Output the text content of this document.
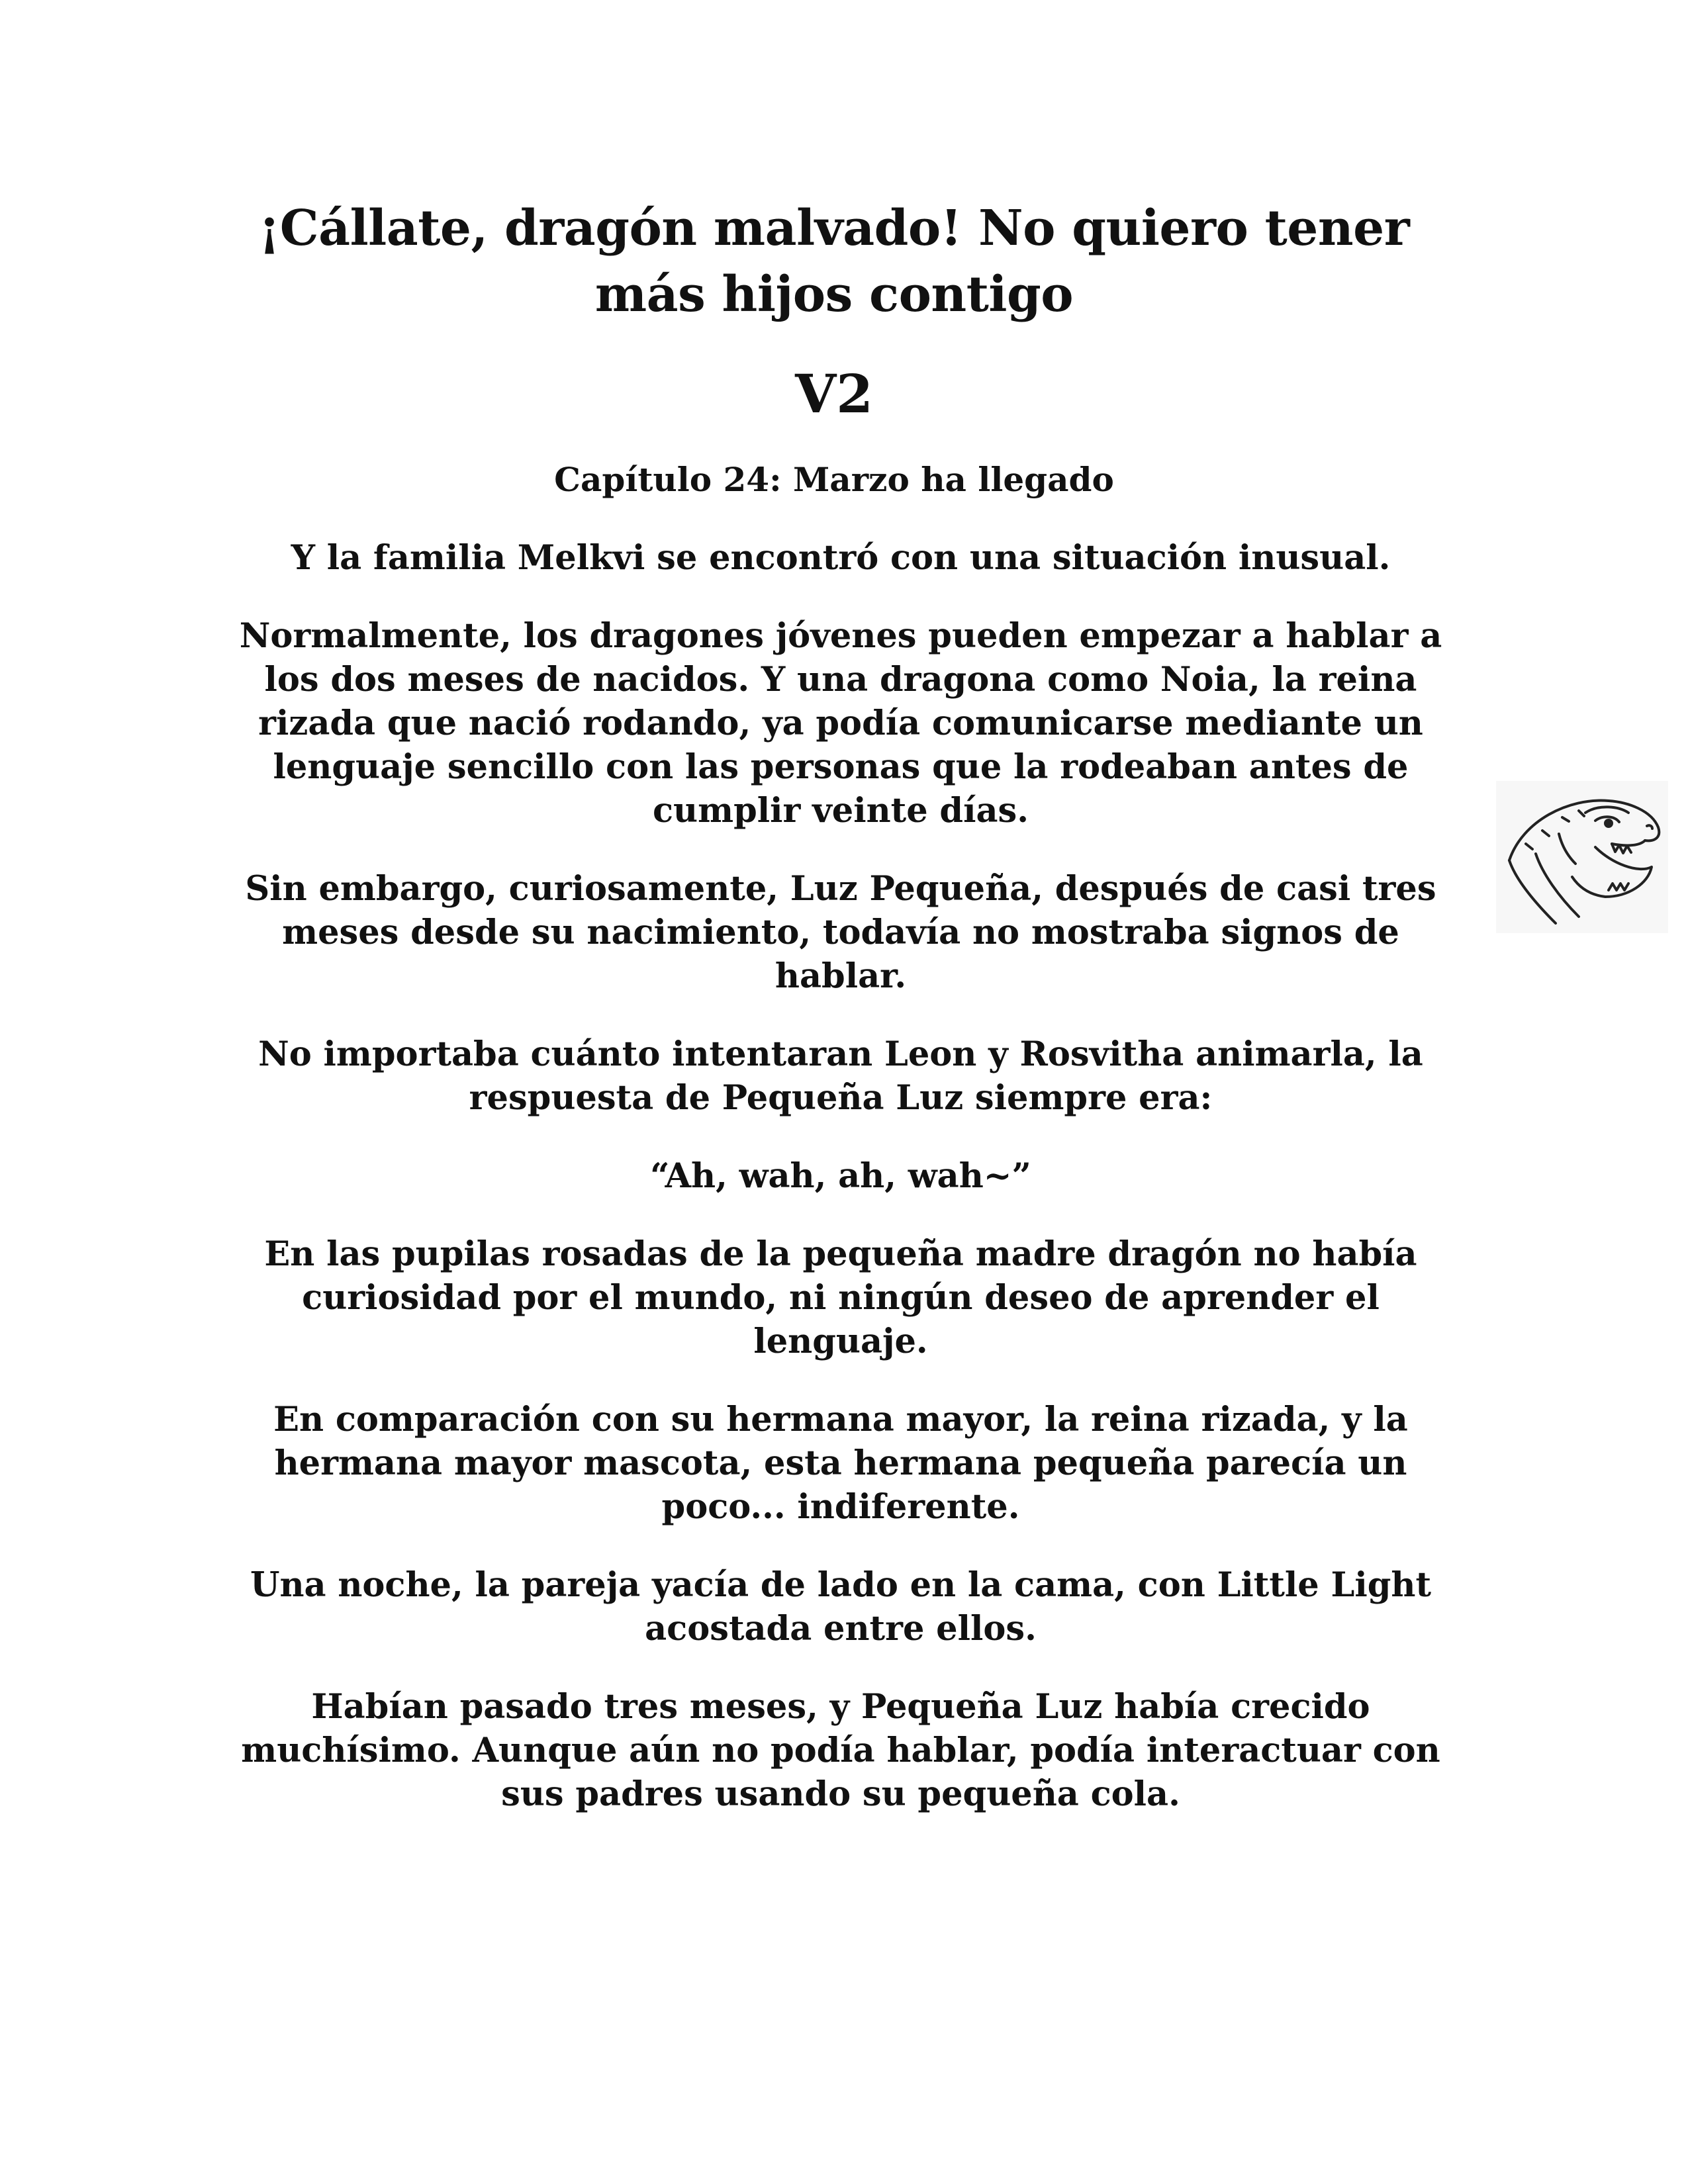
¡Cállate, dragón malvado! No quiero tener más hijos contigo
V2
Capítulo 24: Marzo ha llegado

Y la familia Melkvi se encontró con una situación inusual.

Normalmente, los dragones jóvenes pueden empezar a hablar a los dos meses de nacidos. Y una dragona como Noia, la reina rizada que nació rodando, ya podía comunicarse mediante un lenguaje sencillo con las personas que la rodeaban antes de cumplir veinte días.

Sin embargo, curiosamente, Luz Pequeña, después de casi tres meses desde su nacimiento, todavía no mostraba signos de hablar.

No importaba cuánto intentaran Leon y Rosvitha animarla, la respuesta de Pequeña Luz siempre era:

“Ah, wah, ah, wah~”

En las pupilas rosadas de la pequeña madre dragón no había curiosidad por el mundo, ni ningún deseo de aprender el lenguaje.

En comparación con su hermana mayor, la reina rizada, y la hermana mayor mascota, esta hermana pequeña parecía un poco... indiferente.

Una noche, la pareja yacía de lado en la cama, con Little Light acostada entre ellos.

Habían pasado tres meses, y Pequeña Luz había crecido muchísimo. Aunque aún no podía hablar, podía interactuar con sus padres usando su pequeña cola.
